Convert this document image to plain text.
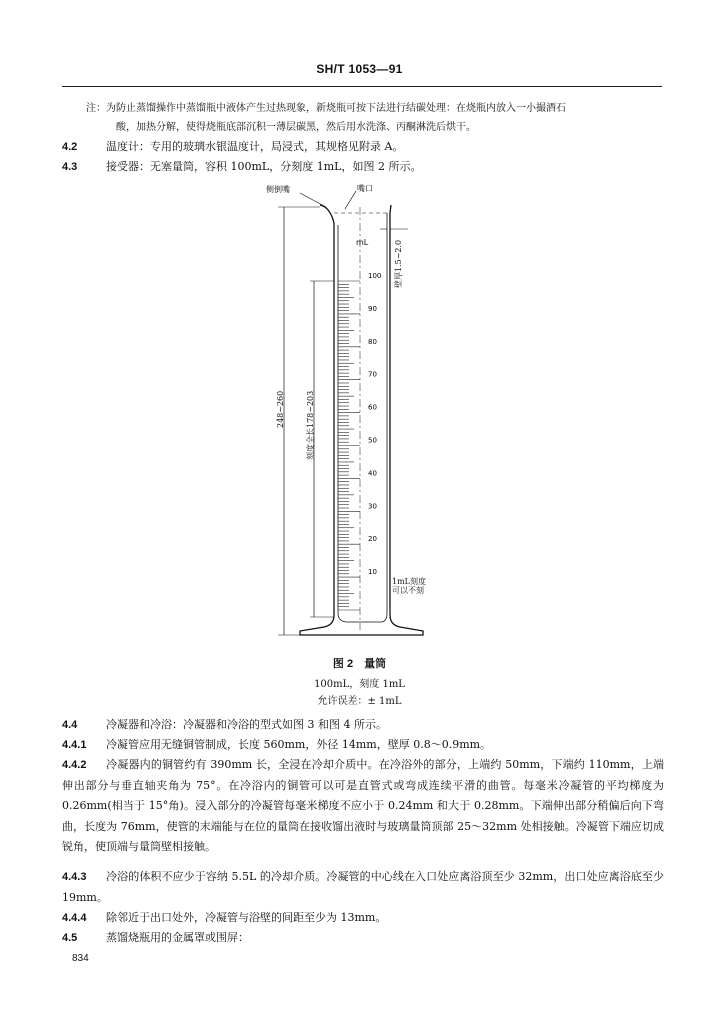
SH/T 1053—91
注：为防止蒸馏操作中蒸馏瓶中液体产生过热现象，新烧瓶可按下法进行结碳处理：在烧瓶内放入一小撮酒石
酸，加热分解，使得烧瓶底部沉积一薄层碳黑，然后用水洗涤、丙酮淋洗后烘干。
4.2	温度计：专用的玻璃水银温度计，局浸式，其规格见附录 A。
4.3	接受器：无塞量筒，容积 100mL，分刻度 1mL，如图 2 所示。
100
90
80
70
60
50
40
30
20
10
侧倒嘴	嘴口
mL	壁厚1.5~2.0
248~260	刻度全长178~203
1mL刻度
可以不刻
图 2　量筒
100mL，刻度 1mL
允许误差：± 1mL
4.4	冷凝器和冷浴：冷凝器和冷浴的型式如图 3 和图 4 所示。
4.4.1 冷凝管应用无缝铜管制成，长度 560mm，外径 14mm，壁厚 0.8～0.9mm。
4.4.2 冷凝器内的铜管约有 390mm 长，全浸在冷却介质中。在冷浴外的部分，上端约 50mm，下端约 110mm，上端伸出部分与垂直轴夹角为 75°。在冷浴内的铜管可以可是直管式或弯成连续平滑的曲管。每毫米冷凝管的平均梯度为 0.26mm(相当于 15°角)。浸入部分的冷凝管每毫米梯度不应小于 0.24mm 和大于 0.28mm。下端伸出部分稍偏后向下弯曲，长度为 76mm，使管的末端能与在位的量筒在接收馏出液时与玻璃量筒顶部 25～32mm 处相接触。冷凝管下端应切成锐角，使顶端与量筒壁相接触。
4.4.3 冷浴的体积不应少于容纳 5.5L 的冷却介质。冷凝管的中心线在入口处应离浴顶至少 32mm，出口处应离浴底至少 19mm。
4.4.4 除邻近于出口处外，冷凝管与浴壁的间距至少为 13mm。
4.5	蒸馏烧瓶用的金属罩或围屏：
834
